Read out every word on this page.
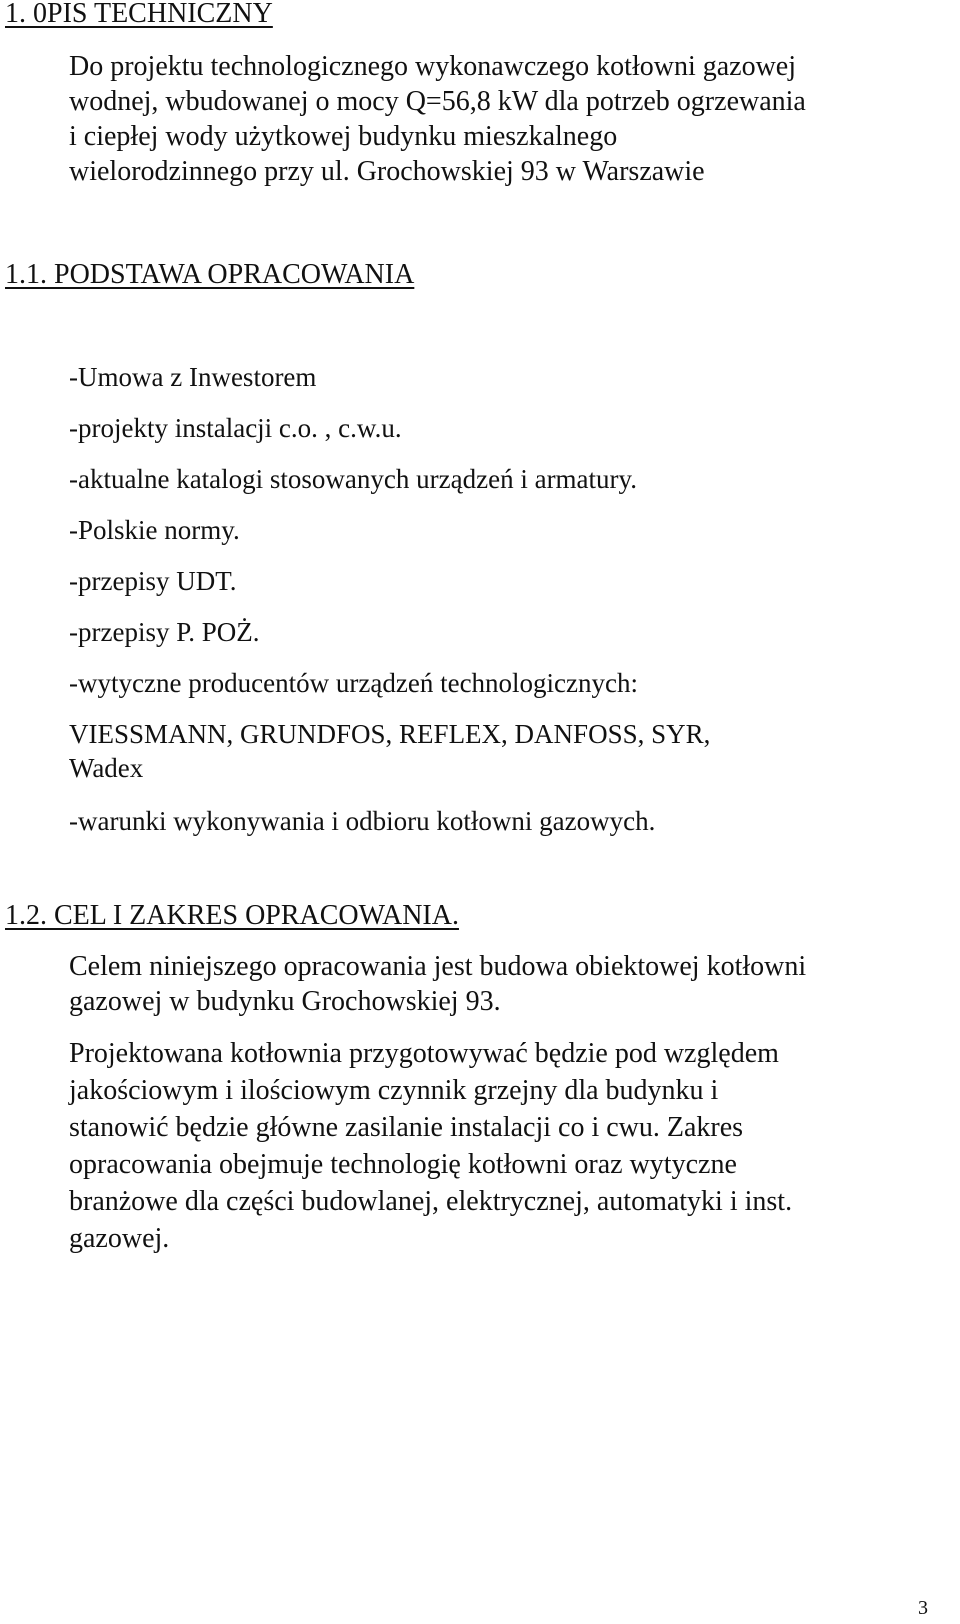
1. 0PIS TECHNICZNY
Do projektu technologicznego wykonawczego kotłowni gazowej
wodnej, wbudowanej o mocy Q=56,8 kW dla potrzeb ogrzewania
i ciepłej wody użytkowej budynku mieszkalnego
wielorodzinnego przy ul. Grochowskiej 93 w Warszawie
1.1. PODSTAWA OPRACOWANIA
-Umowa z Inwestorem
-projekty instalacji c.o. , c.w.u.
-aktualne katalogi stosowanych urządzeń i armatury.
-Polskie normy.
-przepisy UDT.
-przepisy P. POŻ.
-wytyczne producentów urządzeń technologicznych:
VIESSMANN, GRUNDFOS, REFLEX, DANFOSS, SYR,
Wadex
-warunki wykonywania i odbioru kotłowni gazowych.
1.2. CEL I ZAKRES OPRACOWANIA.
Celem niniejszego opracowania jest budowa obiektowej kotłowni
gazowej w budynku Grochowskiej 93.
Projektowana kotłownia przygotowywać będzie pod względem
jakościowym i ilościowym czynnik grzejny dla budynku i
stanowić będzie główne zasilanie instalacji co i cwu. Zakres
opracowania obejmuje technologię kotłowni oraz wytyczne
branżowe dla części budowlanej, elektrycznej, automatyki i inst.
gazowej.
3
